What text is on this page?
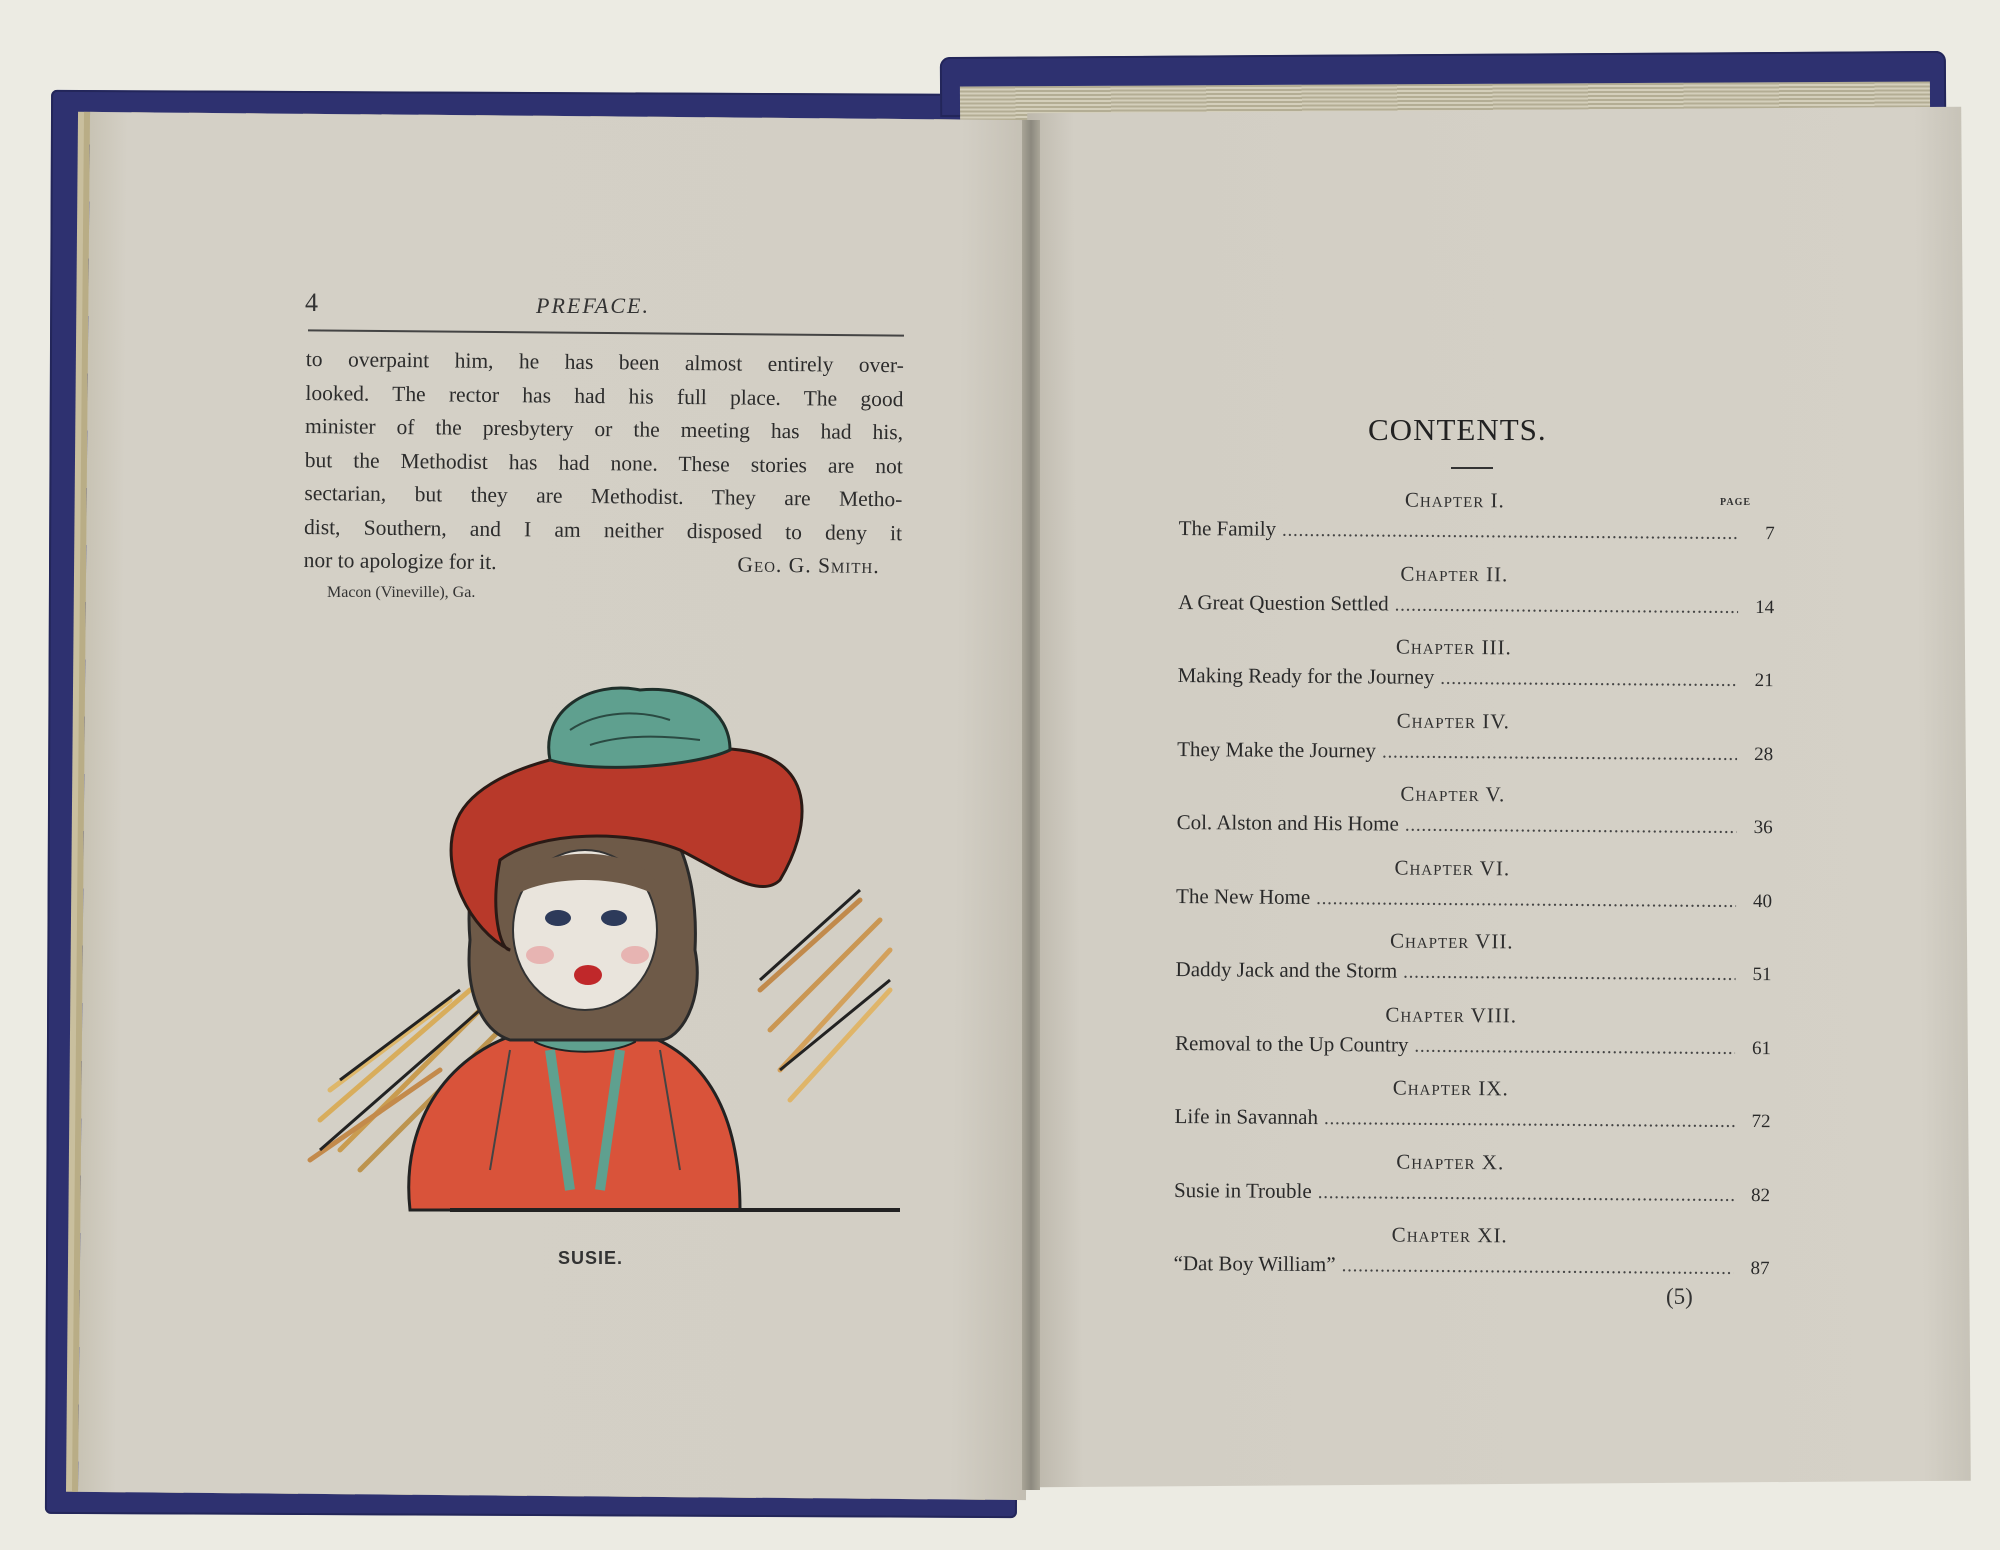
4	PREFACE.
to overpaint him, he has been almost entirely over-
looked. The rector has had his full place. The good
minister of the presbytery or the meeting has had his,
but the Methodist has had none. These stories are not
sectarian, but they are Methodist. They are Metho-
dist, Southern, and I am neither disposed to deny it
nor to apologize for it.	Geo. G. Smith.
Macon (Vineville), Ga.
SUSIE.
CONTENTS.
page
Chapter I.
The Family . . .	7
Chapter II.
A Great Question Settled . . .	14
Chapter III.
Making Ready for the Journey . . .	21
Chapter IV.
They Make the Journey . . .	28
Chapter V.
Col. Alston and His Home . . .	36
Chapter VI.
The New Home . . .	40
Chapter VII.
Daddy Jack and the Storm . . .	51
Chapter VIII.
Removal to the Up Country . . .	61
Chapter IX.
Life in Savannah . . .	72
Chapter X.
Susie in Trouble . . .	82
Chapter XI.
“Dat Boy William” . . .	87
(5)
